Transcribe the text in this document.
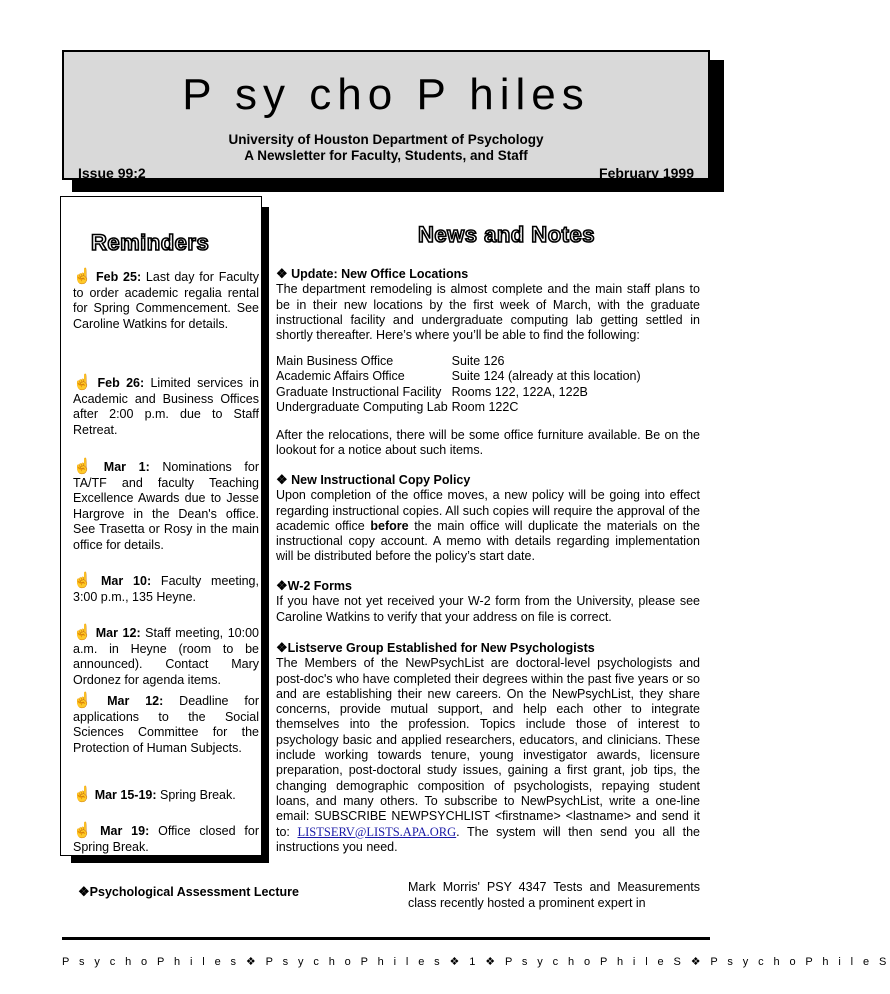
P sy cho P hiles
University of Houston Department of Psychology
A Newsletter for Faculty, Students, and Staff
Issue 99:2	February 1999
Reminders
☝ Feb 25: Last day for Faculty to order academic regalia rental for Spring Commencement. See Caroline Watkins for details.
☝ Feb 26: Limited services in Academic and Business Offices after 2:00 p.m. due to Staff Retreat.
☝ Mar 1: Nominations for TA/TF and faculty Teaching Excellence Awards due to Jesse Hargrove in the Dean's office. See Trasetta or Rosy in the main office for details.
☝ Mar 10: Faculty meeting, 3:00 p.m., 135 Heyne.
☝ Mar 12: Staff meeting, 10:00 a.m. in Heyne (room to be announced). Contact Mary Ordonez for agenda items.
☝ Mar 12: Deadline for applications to the Social Sciences Committee for the Protection of Human Subjects.
☝ Mar 15-19: Spring Break.
☝ Mar 19: Office closed for Spring Break.
News and Notes
❖ Update: New Office Locations
The department remodeling is almost complete and the main staff plans to be in their new locations by the first week of March, with the graduate instructional facility and undergraduate computing lab getting settled in shortly thereafter. Here’s where you’ll be able to find the following:
Main Business Office	Suite 126
Academic Affairs Office	Suite 124 (already at this location)
Graduate Instructional Facility	Rooms 122, 122A, 122B
Undergraduate Computing Lab	Room 122C
After the relocations, there will be some office furniture available. Be on the lookout for a notice about such items.
❖ New Instructional Copy Policy
Upon completion of the office moves, a new policy will be going into effect regarding instructional copies. All such copies will require the approval of the academic office before the main office will duplicate the materials on the instructional copy account. A memo with details regarding implementation will be distributed before the policy’s start date.
❖W-2 Forms
If you have not yet received your W-2 form from the University, please see Caroline Watkins to verify that your address on file is correct.
❖Listserve Group Established for New Psychologists
The Members of the NewPsychList are doctoral-level psychologists and post-doc's who have completed their degrees within the past five years or so and are establishing their new careers. On the NewPsychList, they share concerns, provide mutual support, and help each other to integrate themselves into the profession. Topics include those of interest to psychology basic and applied researchers, educators, and clinicians. These include working towards tenure, young investigator awards, licensure preparation, post-doctoral study issues, gaining a first grant, job tips, the changing demographic composition of psychologists, repaying student loans, and many others. To subscribe to NewPsychList, write a one-line email: SUBSCRIBE NEWPSYCHLIST <firstname> <lastname> and send it to: LISTSERV@LISTS.APA.ORG. The system will then send you all the instructions you need.
❖Psychological Assessment Lecture	Mark Morris' PSY 4347 Tests and Measurements class recently hosted a prominent expert in
P s y c h o P h i l e s ❖ P s y c h o P h i l e s ❖ 1 ❖ P s y c h o P h i l e S ❖ P s y c h o P h i l e S
